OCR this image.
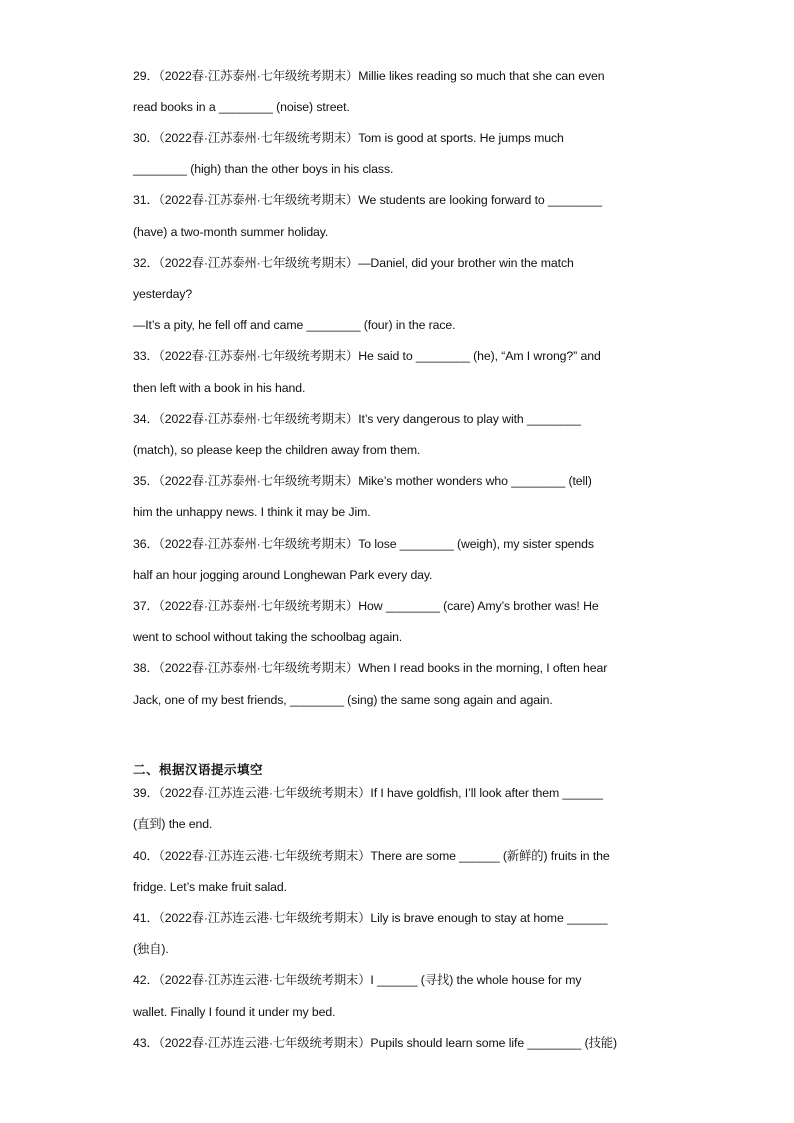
29．（2022春·江苏泰州·七年级统考期末）Millie likes reading so much that she can even
read books in a ________ (noise) street.
30．（2022春·江苏泰州·七年级统考期末）Tom is good at sports. He jumps much
________ (high) than the other boys in his class.
31．（2022春·江苏泰州·七年级统考期末）We students are looking forward to ________
(have) a two-month summer holiday.
32．（2022春·江苏泰州·七年级统考期末）—Daniel, did your brother win the match
yesterday?
—It’s a pity, he fell off and came ________ (four) in the race.
33．（2022春·江苏泰州·七年级统考期末）He said to ________ (he), “Am I wrong?” and
then left with a book in his hand.
34．（2022春·江苏泰州·七年级统考期末）It’s very dangerous to play with ________
(match), so please keep the children away from them.
35．（2022春·江苏泰州·七年级统考期末）Mike’s mother wonders who ________ (tell)
him the unhappy news. I think it may be Jim.
36．（2022春·江苏泰州·七年级统考期末）To lose ________ (weigh), my sister spends
half an hour jogging around Longhewan Park every day.
37．（2022春·江苏泰州·七年级统考期末）How ________ (care) Amy’s brother was! He
went to school without taking the schoolbag again.
38．（2022春·江苏泰州·七年级统考期末）When I read books in the morning, I often hear
Jack, one of my best friends, ________ (sing) the same song again and again.
二、根据汉语提示填空
39．（2022春·江苏连云港·七年级统考期末）If I have goldfish, I’ll look after them ______
(直到) the end.
40．（2022春·江苏连云港·七年级统考期末）There are some ______ (新鲜的) fruits in the
fridge. Let’s make fruit salad.
41．（2022春·江苏连云港·七年级统考期末）Lily is brave enough to stay at home ______
(独自).
42．（2022春·江苏连云港·七年级统考期末）I ______ (寻找) the whole house for my
wallet. Finally I found it under my bed.
43．（2022春·江苏连云港·七年级统考期末）Pupils should learn some life ________ (技能)
